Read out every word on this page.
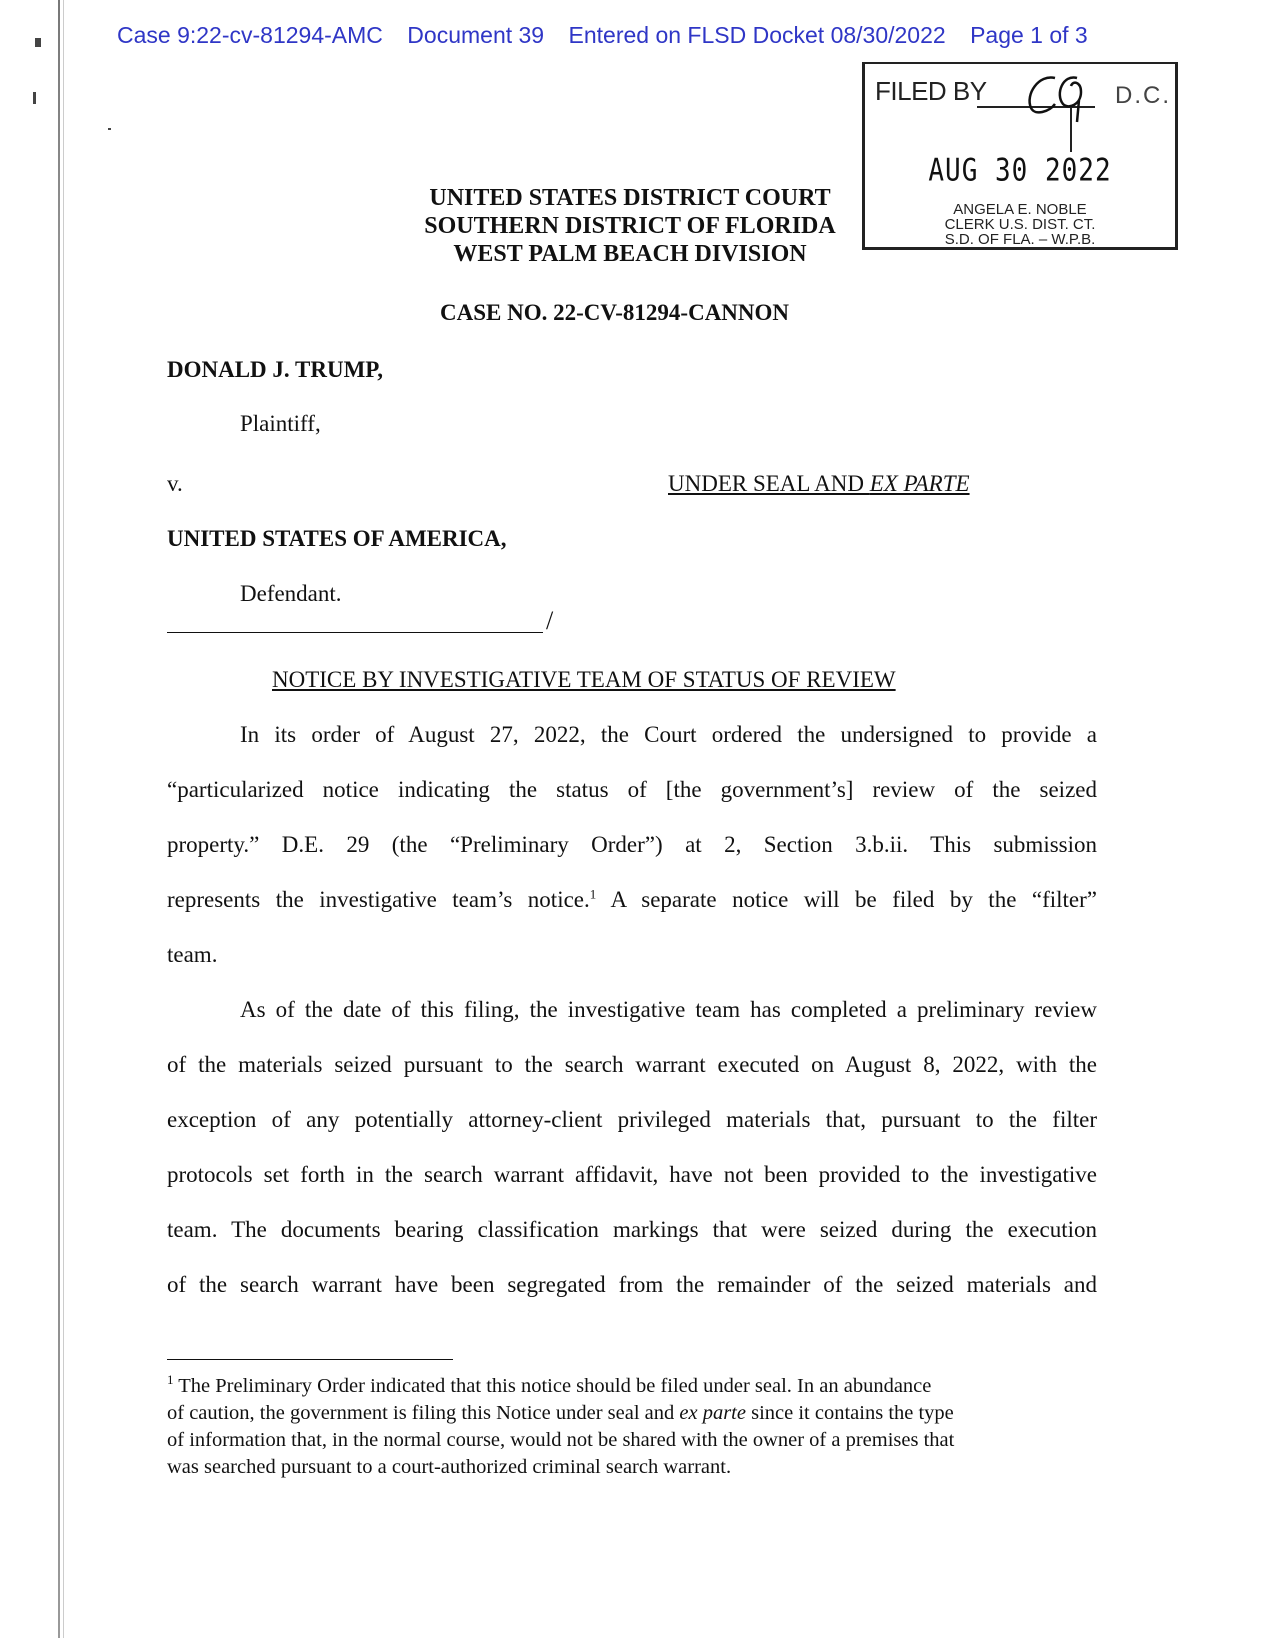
Case 9:22-cv-81294-AMC Document 39 Entered on FLSD Docket 08/30/2022 Page 1 of 3
FILED BY	D.C.
AUG 30 2022
ANGELA E. NOBLE
CLERK U.S. DIST. CT.
S.D. OF FLA. – W.P.B.
UNITED STATES DISTRICT COURT
SOUTHERN DISTRICT OF FLORIDA
WEST PALM BEACH DIVISION
CASE NO. 22-CV-81294-CANNON
DONALD J. TRUMP,
Plaintiff,
v.	UNDER SEAL AND EX PARTE
UNITED STATES OF AMERICA,
Defendant.
/
NOTICE BY INVESTIGATIVE TEAM OF STATUS OF REVIEW
In its order of August 27, 2022, the Court ordered the undersigned to provide a
“particularized notice indicating the status of [the government’s] review of the seized
property.” D.E. 29 (the “Preliminary Order”) at 2, Section 3.b.ii. This submission
represents the investigative team’s notice.$^1$ A separate notice will be filed by the “filter”
team.
As of the date of this filing, the investigative team has completed a preliminary review
of the materials seized pursuant to the search warrant executed on August 8, 2022, with the
exception of any potentially attorney-client privileged materials that, pursuant to the filter
protocols set forth in the search warrant affidavit, have not been provided to the investigative
team. The documents bearing classification markings that were seized during the execution
of the search warrant have been segregated from the remainder of the seized materials and
$^1$ The Preliminary Order indicated that this notice should be filed under seal. In an abundance
of caution, the government is filing this Notice under seal and ex parte since it contains the type
of information that, in the normal course, would not be shared with the owner of a premises that
was searched pursuant to a court-authorized criminal search warrant.
